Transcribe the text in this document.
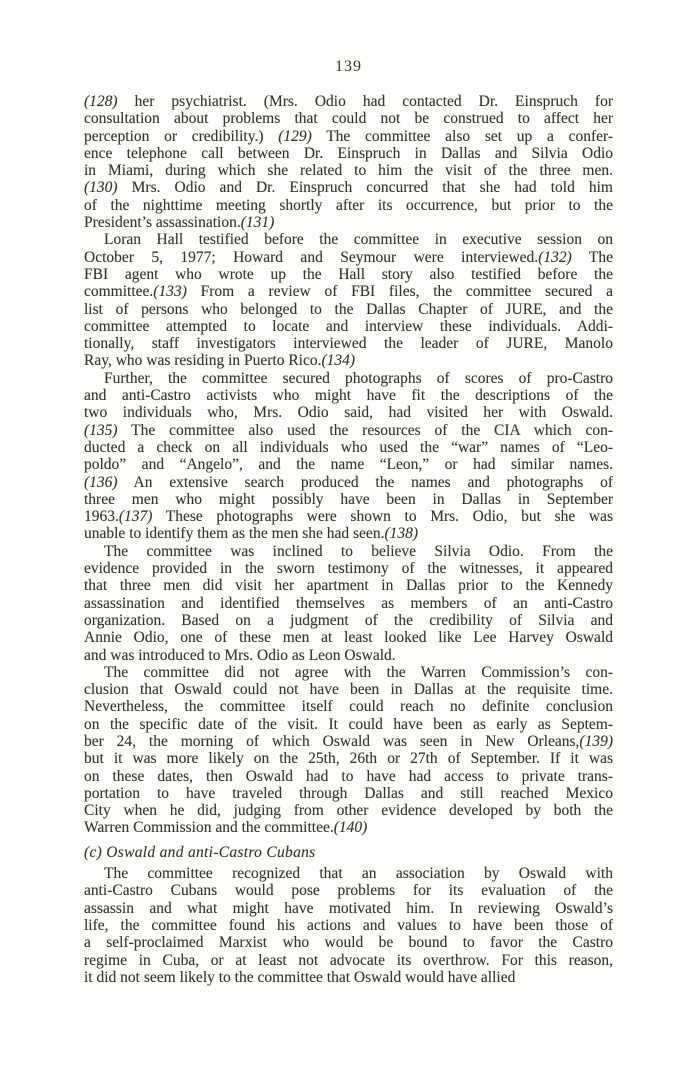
139
(128) her psychiatrist. (Mrs. Odio had contacted Dr. Einspruch for
consultation about problems that could not be construed to affect her
perception or credibility.) (129) The committee also set up a confer-
ence telephone call between Dr. Einspruch in Dallas and Silvia Odio
in Miami, during which she related to him the visit of the three men.
(130) Mrs. Odio and Dr. Einspruch concurred that she had told him
of the nighttime meeting shortly after its occurrence, but prior to the
President’s assassination.(131)
Loran Hall testified before the committee in executive session on
October 5, 1977; Howard and Seymour were interviewed.(132) The
FBI agent who wrote up the Hall story also testified before the
committee.(133) From a review of FBI files, the committee secured a
list of persons who belonged to the Dallas Chapter of JURE, and the
committee attempted to locate and interview these individuals. Addi-
tionally, staff investigators interviewed the leader of JURE, Manolo
Ray, who was residing in Puerto Rico.(134)
Further, the committee secured photographs of scores of pro-Castro
and anti-Castro activists who might have fit the descriptions of the
two individuals who, Mrs. Odio said, had visited her with Oswald.
(135) The committee also used the resources of the CIA which con-
ducted a check on all individuals who used the “war” names of “Leo-
poldo” and “Angelo”, and the name “Leon,” or had similar names.
(136) An extensive search produced the names and photographs of
three men who might possibly have been in Dallas in September
1963.(137) These photographs were shown to Mrs. Odio, but she was
unable to identify them as the men she had seen.(138)
The committee was inclined to believe Silvia Odio. From the
evidence provided in the sworn testimony of the witnesses, it appeared
that three men did visit her apartment in Dallas prior to the Kennedy
assassination and identified themselves as members of an anti-Castro
organization. Based on a judgment of the credibility of Silvia and
Annie Odio, one of these men at least looked like Lee Harvey Oswald
and was introduced to Mrs. Odio as Leon Oswald.
The committee did not agree with the Warren Commission’s con-
clusion that Oswald could not have been in Dallas at the requisite time.
Nevertheless, the committee itself could reach no definite conclusion
on the specific date of the visit. It could have been as early as Septem-
ber 24, the morning of which Oswald was seen in New Orleans,(139)
but it was more likely on the 25th, 26th or 27th of September. If it was
on these dates, then Oswald had to have had access to private trans-
portation to have traveled through Dallas and still reached Mexico
City when he did, judging from other evidence developed by both the
Warren Commission and the committee.(140)
(c) Oswald and anti-Castro Cubans
The committee recognized that an association by Oswald with
anti-Castro Cubans would pose problems for its evaluation of the
assassin and what might have motivated him. In reviewing Oswald’s
life, the committee found his actions and values to have been those of
a self-proclaimed Marxist who would be bound to favor the Castro
regime in Cuba, or at least not advocate its overthrow. For this reason,
it did not seem likely to the committee that Oswald would have allied
